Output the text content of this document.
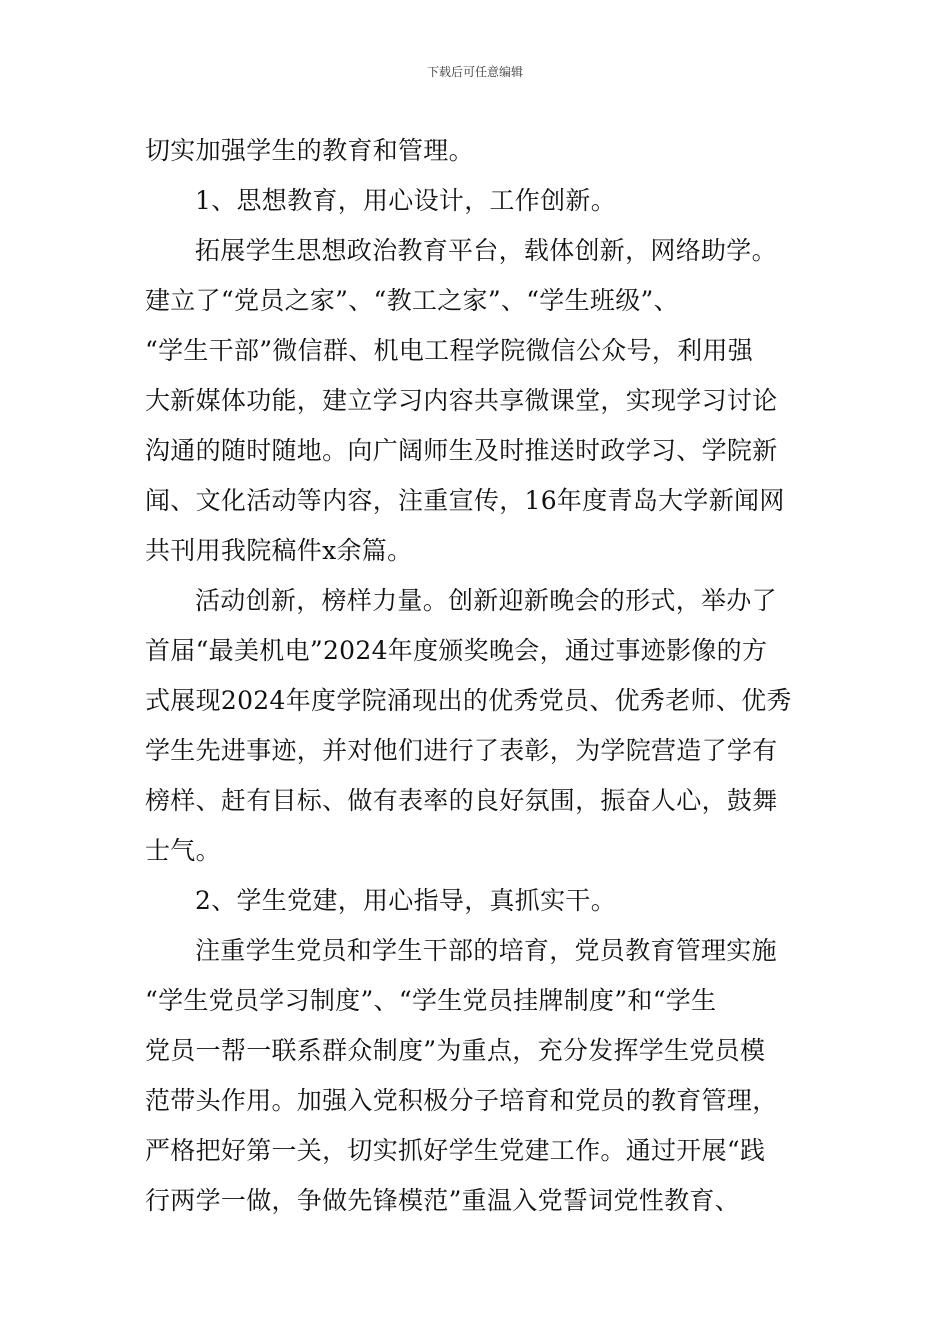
下载后可任意编辑
切实加强学生的教育和管理。
1、思想教育，用心设计，工作创新。
拓展学生思想政治教育平台，载体创新，网络助学。
建立了“党员之家”、“教工之家”、“学生班级”、
“学生干部”微信群、机电工程学院微信公众号，利用强
大新媒体功能，建立学习内容共享微课堂，实现学习讨论
沟通的随时随地。向广阔师生及时推送时政学习、学院新
闻、文化活动等内容，注重宣传，16年度青岛大学新闻网
共刊用我院稿件x余篇。
活动创新，榜样力量。创新迎新晚会的形式，举办了
首届“最美机电”2024年度颁奖晚会，通过事迹影像的方
式展现2024年度学院涌现出的优秀党员、优秀老师、优秀
学生先进事迹，并对他们进行了表彰，为学院营造了学有
榜样、赶有目标、做有表率的良好氛围，振奋人心，鼓舞
士气。
2、学生党建，用心指导，真抓实干。
注重学生党员和学生干部的培育，党员教育管理实施
“学生党员学习制度”、“学生党员挂牌制度”和“学生
党员一帮一联系群众制度”为重点，充分发挥学生党员模
范带头作用。加强入党积极分子培育和党员的教育管理，
严格把好第一关，切实抓好学生党建工作。通过开展“践
行两学一做，争做先锋模范”重温入党誓词党性教育、
